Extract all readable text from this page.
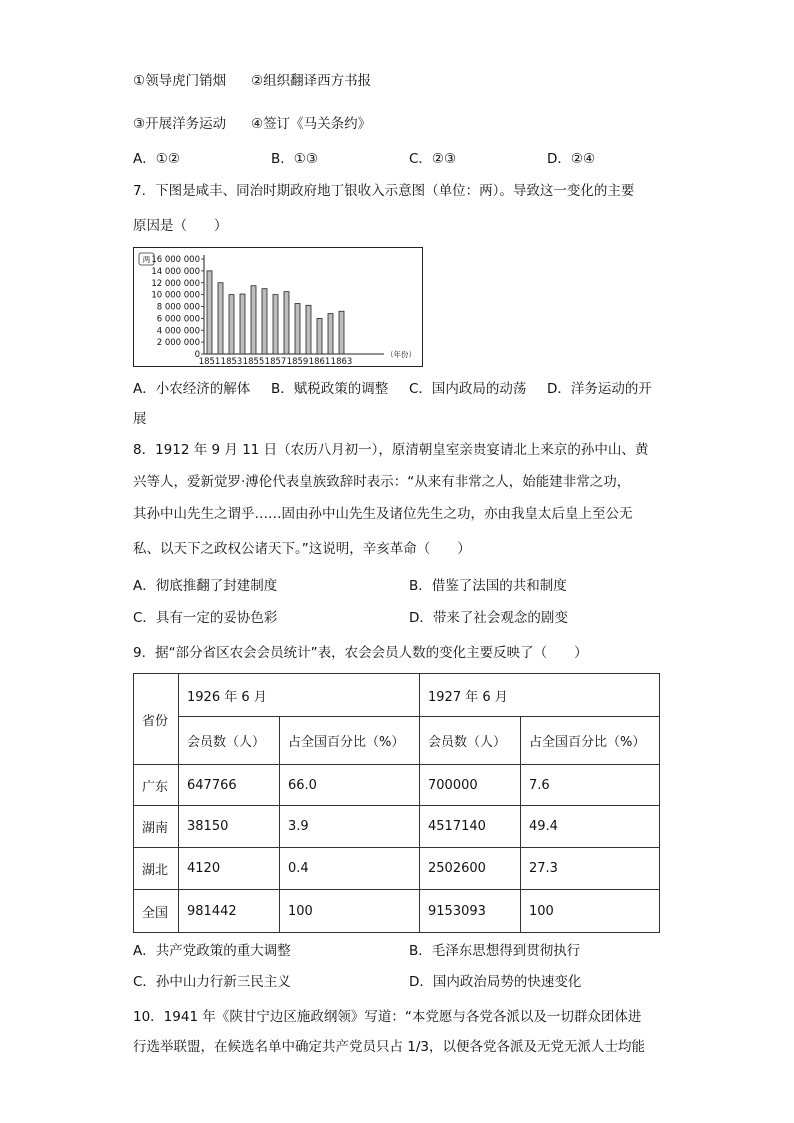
①领导虎门销烟 ②组织翻译西方书报
③开展洋务运动 ④签订《马关条约》
A．①②	B．①③	C．②③	D．②④
7．下图是咸丰、同治时期政府地丁银收入示意图（单位：两）。导致这一变化的主要
原因是（　　）
两 16 000 000
14 000 000
12 000 000
10 000 000
8 000 000
6 000 000
4 000 000
2 000 000
0
1851 1853 1855 1857 1859 1861 1863
（年份）
A．小农经济的解体 B．赋税政策的调整 C．国内政局的动荡 D．洋务运动的开
展
8．1912 年 9 月 11 日（农历八月初一），原清朝皇室亲贵宴请北上来京的孙中山、黄
兴等人，爱新觉罗·溥伦代表皇族致辞时表示：“从来有非常之人，始能建非常之功，
其孙中山先生之谓乎……固由孙中山先生及诸位先生之功，亦由我皇太后皇上至公无
私、以天下之政权公诸天下。”这说明，辛亥革命（　　）
A．彻底推翻了封建制度	B．借鉴了法国的共和制度
C．具有一定的妥协色彩	D．带来了社会观念的剧变
9．据“部分省区农会会员统计”表，农会会员人数的变化主要反映了（　　）
省份	1926 年 6 月		1927 年 6 月	
	会员数（人）	占全国百分比（%）	会员数（人）	占全国百分比（%）
广东	647766	66.0	700000	7.6
湖南	38150	3.9	4517140	49.4
湖北	4120	0.4	2502600	27.3
全国	981442	100	9153093	100
A．共产党政策的重大调整	B．毛泽东思想得到贯彻执行
C．孙中山力行新三民主义	D．国内政治局势的快速变化
10．1941 年《陕甘宁边区施政纲领》写道：“本党愿与各党各派以及一切群众团体进
行选举联盟，在候选名单中确定共产党员只占 1/3，以便各党各派及无党无派人士均能
